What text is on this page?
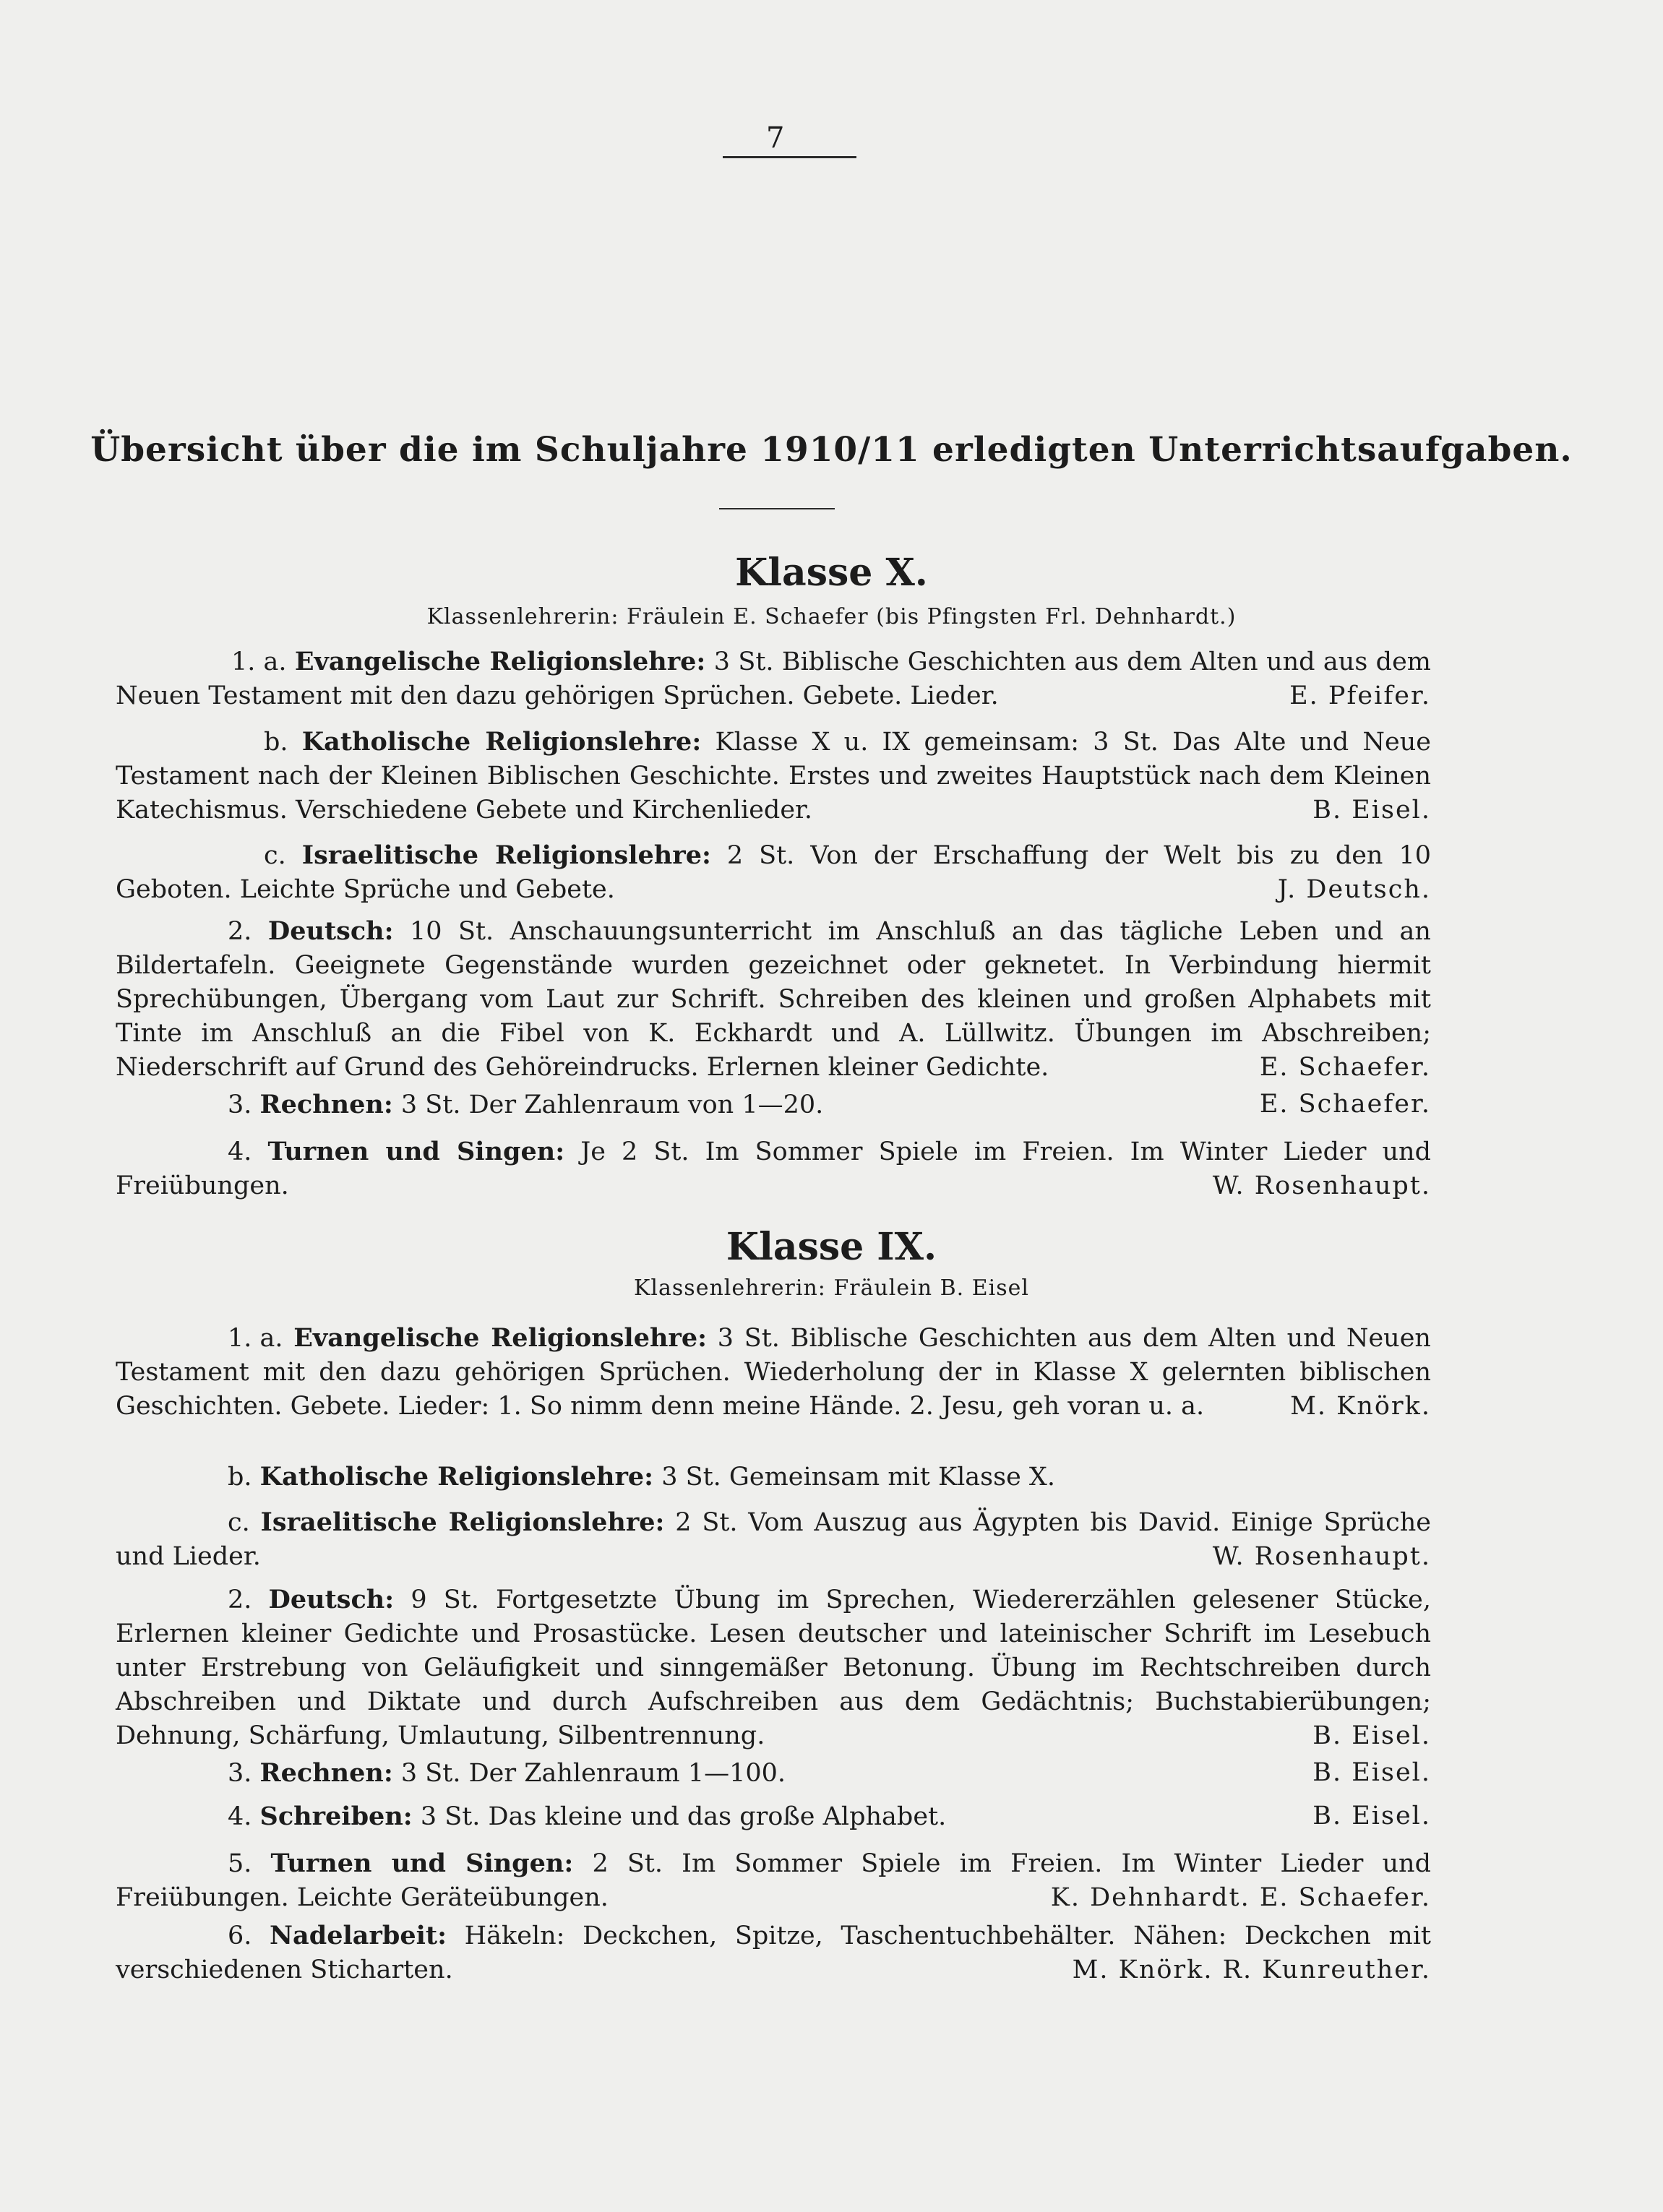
7
Übersicht über die im Schuljahre 1910/11 erledigten Unterrichtsaufgaben.
Klasse X.
Klassenlehrerin: Fräulein E. Schaefer (bis Pfingsten Frl. Dehnhardt.)
1. a. Evangelische Religionslehre: 3 St. Biblische Geschichten aus dem Alten und aus dem Neuen Testament mit den dazu gehörigen Sprüchen. Gebete. Lieder.	E. Pfeifer.
b. Katholische Religionslehre: Klasse X u. IX gemeinsam: 3 St. Das Alte und Neue Testament nach der Kleinen Biblischen Geschichte. Erstes und zweites Hauptstück nach dem Kleinen Katechismus. Verschiedene Gebete und Kirchenlieder.	B. Eisel.
c. Israelitische Religionslehre: 2 St. Von der Erschaffung der Welt bis zu den 10 Geboten. Leichte Sprüche und Gebete.	J. Deutsch.
2. Deutsch: 10 St. Anschauungsunterricht im Anschluß an das tägliche Leben und an Bildertafeln. Geeignete Gegenstände wurden gezeichnet oder geknetet. In Verbindung hiermit Sprechübungen, Übergang vom Laut zur Schrift. Schreiben des kleinen und großen Alphabets mit Tinte im Anschluß an die Fibel von K. Eckhardt und A. Lüllwitz. Übungen im Abschreiben; Niederschrift auf Grund des Gehöreindrucks. Erlernen kleiner Gedichte.	E. Schaefer.
3. Rechnen: 3 St. Der Zahlenraum von 1—20.	E. Schaefer.
4. Turnen und Singen: Je 2 St. Im Sommer Spiele im Freien. Im Winter Lieder und Freiübungen.	W. Rosenhaupt.
Klasse IX.
Klassenlehrerin: Fräulein B. Eisel
1. a. Evangelische Religionslehre: 3 St. Biblische Geschichten aus dem Alten und Neuen Testament mit den dazu gehörigen Sprüchen. Wiederholung der in Klasse X gelernten biblischen Geschichten. Gebete. Lieder: 1. So nimm denn meine Hände. 2. Jesu, geh voran u. a.	M. Knörk.
b. Katholische Religionslehre: 3 St. Gemeinsam mit Klasse X.
c. Israelitische Religionslehre: 2 St. Vom Auszug aus Ägypten bis David. Einige Sprüche und Lieder.	W. Rosenhaupt.
2. Deutsch: 9 St. Fortgesetzte Übung im Sprechen, Wiedererzählen gelesener Stücke, Erlernen kleiner Gedichte und Prosastücke. Lesen deutscher und lateinischer Schrift im Lesebuch unter Erstrebung von Geläufigkeit und sinngemäßer Betonung. Übung im Rechtschreiben durch Abschreiben und Diktate und durch Aufschreiben aus dem Gedächtnis; Buchstabierübungen; Dehnung, Schärfung, Umlautung, Silbentrennung.	B. Eisel.
3. Rechnen: 3 St. Der Zahlenraum 1—100.	B. Eisel.
4. Schreiben: 3 St. Das kleine und das große Alphabet.	B. Eisel.
5. Turnen und Singen: 2 St. Im Sommer Spiele im Freien. Im Winter Lieder und Freiübungen. Leichte Geräteübungen.	K. Dehnhardt. E. Schaefer.
6. Nadelarbeit: Häkeln: Deckchen, Spitze, Taschentuchbehälter. Nähen: Deckchen mit verschiedenen Sticharten.	M. Knörk. R. Kunreuther.
